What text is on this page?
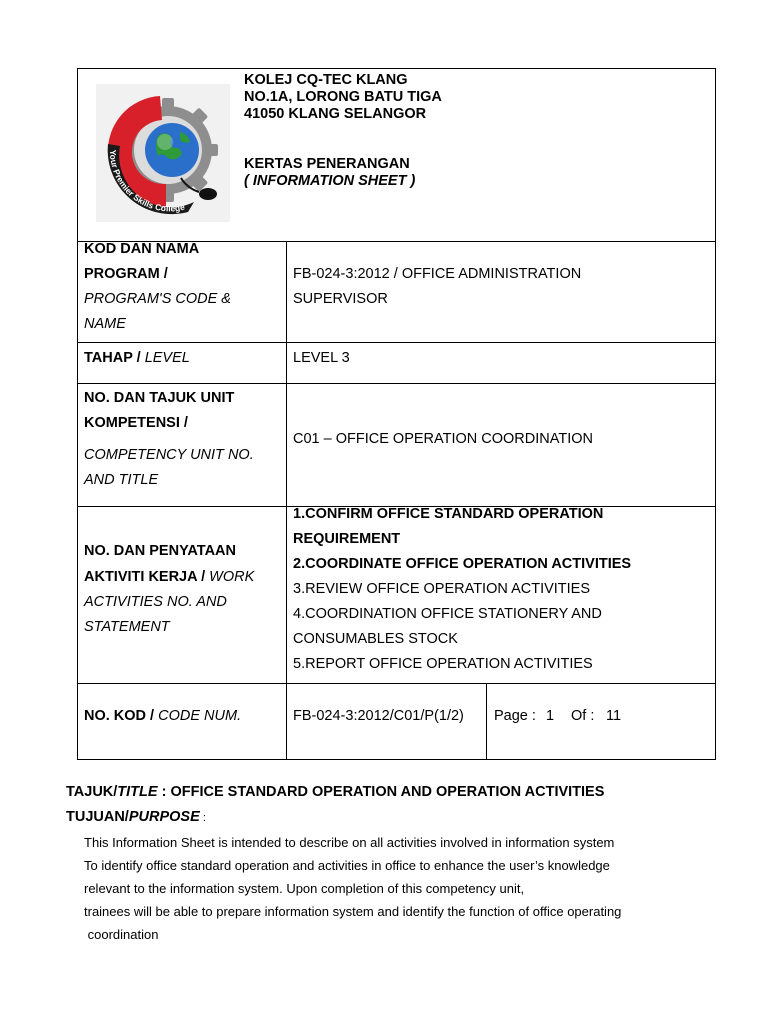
Your Premier Skills College
KOLEJ CQ-TEC KLANG
NO.1A, LORONG BATU TIGA
41050 KLANG SELANGOR
KERTAS PENERANGAN
( INFORMATION SHEET )
KOD DAN NAMA
PROGRAM /
PROGRAM'S CODE &
NAME
FB-024-3:2012 / OFFICE ADMINISTRATION
SUPERVISOR
TAHAP / LEVEL	LEVEL 3
NO. DAN TAJUK UNIT
KOMPETENSI /
COMPETENCY UNIT NO.
AND TITLE
C01 – OFFICE OPERATION COORDINATION
NO. DAN PENYATAAN
AKTIVITI KERJA / WORK
ACTIVITIES NO. AND
STATEMENT
1.CONFIRM OFFICE STANDARD OPERATION
REQUIREMENT
2.COORDINATE OFFICE OPERATION ACTIVITIES
3.REVIEW OFFICE OPERATION ACTIVITIES
4.COORDINATION OFFICE STATIONERY AND
CONSUMABLES STOCK
5.REPORT OFFICE OPERATION ACTIVITIES
NO. KOD / CODE NUM.	FB-024-3:2012/C01/P(1/2) Page : 1 Of : 11
TAJUK/TITLE : OFFICE STANDARD OPERATION AND OPERATION ACTIVITIES
TUJUAN/PURPOSE :
This Information Sheet is intended to describe on all activities involved in information system
To identify office standard operation and activities in office to enhance the user’s knowledge
relevant to the information system. Upon completion of this competency unit,
trainees will be able to prepare information system and identify the function of office operating
coordination
